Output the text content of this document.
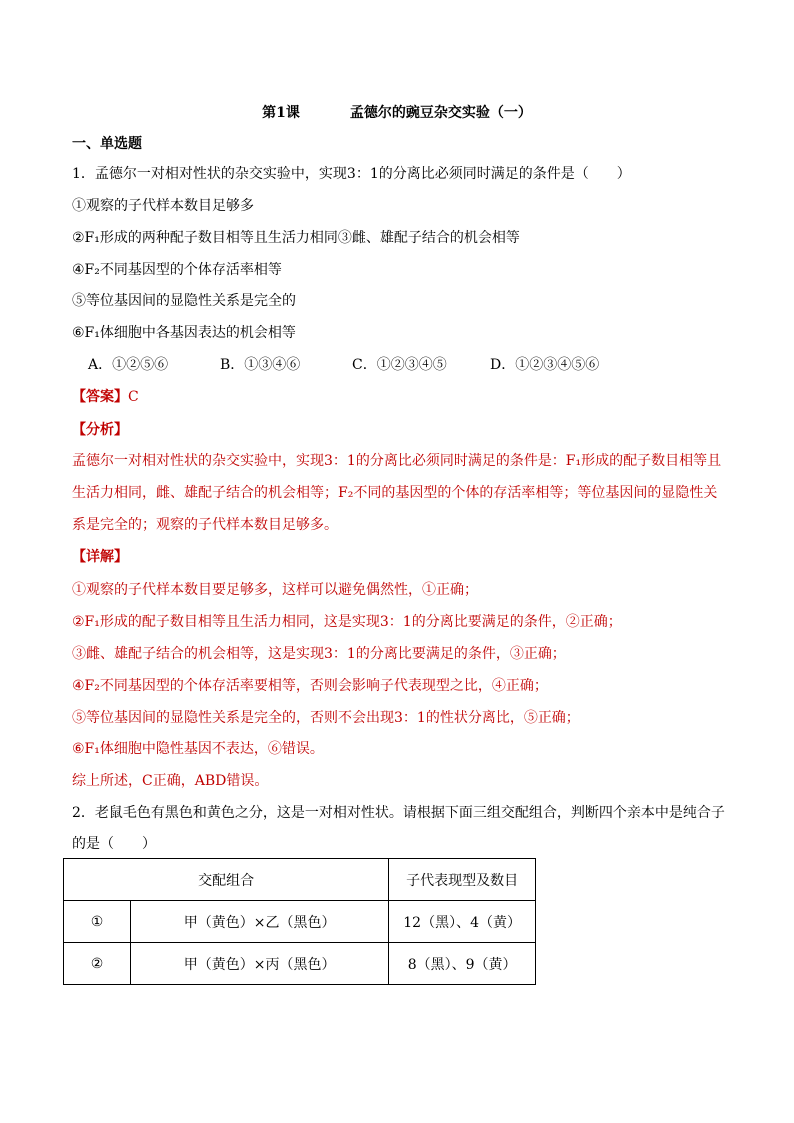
第1课	孟德尔的豌豆杂交实验（一）
一、单选题
1．孟德尔一对相对性状的杂交实验中，实现3：1的分离比必须同时满足的条件是（　　）
①观察的子代样本数目足够多
②F₁形成的两种配子数目相等且生活力相同③雌、雄配子结合的机会相等
④F₂不同基因型的个体存活率相等
⑤等位基因间的显隐性关系是完全的
⑥F₁体细胞中各基因表达的机会相等
A．①②⑤⑥	B．①③④⑥	C．①②③④⑤	D．①②③④⑤⑥
【答案】C
【分析】
孟德尔一对相对性状的杂交实验中，实现3：1的分离比必须同时满足的条件是：F₁形成的配子数目相等且
生活力相同，雌、雄配子结合的机会相等；F₂不同的基因型的个体的存活率相等；等位基因间的显隐性关
系是完全的；观察的子代样本数目足够多。
【详解】
①观察的子代样本数目要足够多，这样可以避免偶然性，①正确；
②F₁形成的配子数目相等且生活力相同，这是实现3：1的分离比要满足的条件，②正确；
③雌、雄配子结合的机会相等，这是实现3：1的分离比要满足的条件，③正确；
④F₂不同基因型的个体存活率要相等，否则会影响子代表现型之比，④正确；
⑤等位基因间的显隐性关系是完全的，否则不会出现3：1的性状分离比，⑤正确；
⑥F₁体细胞中隐性基因不表达，⑥错误。
综上所述，C正确，ABD错误。
2．老鼠毛色有黑色和黄色之分，这是一对相对性状。请根据下面三组交配组合，判断四个亲本中是纯合子
的是（　　）
交配组合		子代表现型及数目
①	甲（黄色）×乙（黑色）	12（黑）、4（黄）
②	甲（黄色）×丙（黑色）	8（黑）、9（黄）
